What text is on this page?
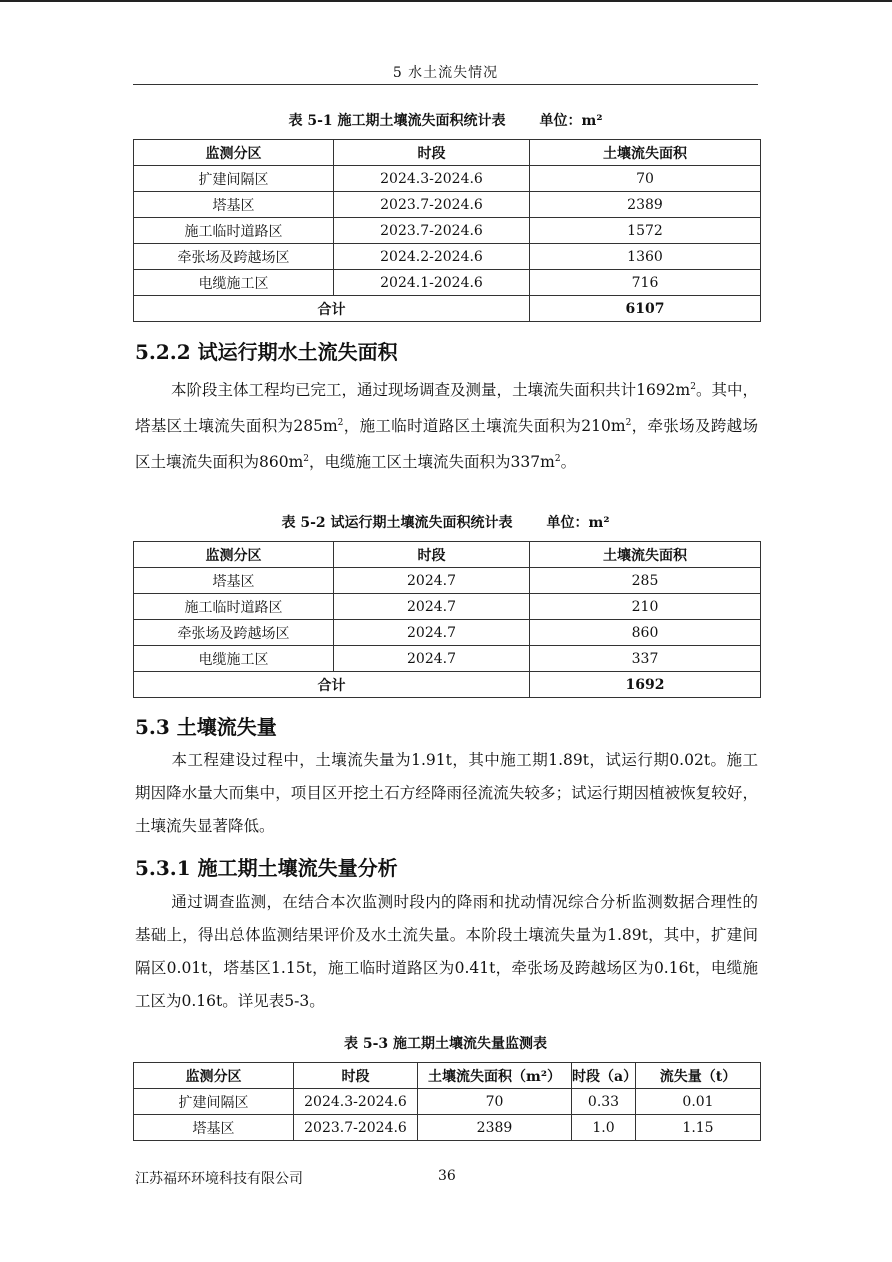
5 水土流失情况
表 5-1 施工期土壤流失面积统计表 单位：m²
监测分区	时段	土壤流失面积
扩建间隔区	2024.3-2024.6	70
塔基区	2023.7-2024.6	2389
施工临时道路区	2023.7-2024.6	1572
牵张场及跨越场区	2024.2-2024.6	1360
电缆施工区	2024.1-2024.6	716
合计		6107
5.2.2 试运行期水土流失面积

本阶段主体工程均已完工，通过现场调查及测量，土壤流失面积共计$1692m^2$。其中，塔基区土壤流失面积为$285m^2$，施工临时道路区土壤流失面积为$210m^2$，牵张场及跨越场区土壤流失面积为$860m^2$，电缆施工区土壤流失面积为$337m^2$。

表 5-2 试运行期土壤流失面积统计表 单位：m²
监测分区	时段	土壤流失面积
塔基区	2024.7	285
施工临时道路区	2024.7	210
牵张场及跨越场区	2024.7	860
电缆施工区	2024.7	337
合计		1692
5.3 土壤流失量

本工程建设过程中，土壤流失量为1.91t，其中施工期1.89t，试运行期0.02t。施工期因降水量大而集中，项目区开挖土石方经降雨径流流失较多；试运行期因植被恢复较好，土壤流失显著降低。

5.3.1 施工期土壤流失量分析

通过调查监测，在结合本次监测时段内的降雨和扰动情况综合分析监测数据合理性的基础上，得出总体监测结果评价及水土流失量。本阶段土壤流失量为1.89t，其中，扩建间隔区0.01t，塔基区1.15t，施工临时道路区为0.41t，牵张场及跨越场区为0.16t，电缆施工区为0.16t。详见表5-3。

表 5-3 施工期土壤流失量监测表
监测分区	时段	土壤流失面积（m²）	时段（a）	流失量（t）
扩建间隔区	2024.3-2024.6	70	0.33	0.01
塔基区	2023.7-2024.6	2389	1.0	1.15
江苏福环环境科技有限公司	36
